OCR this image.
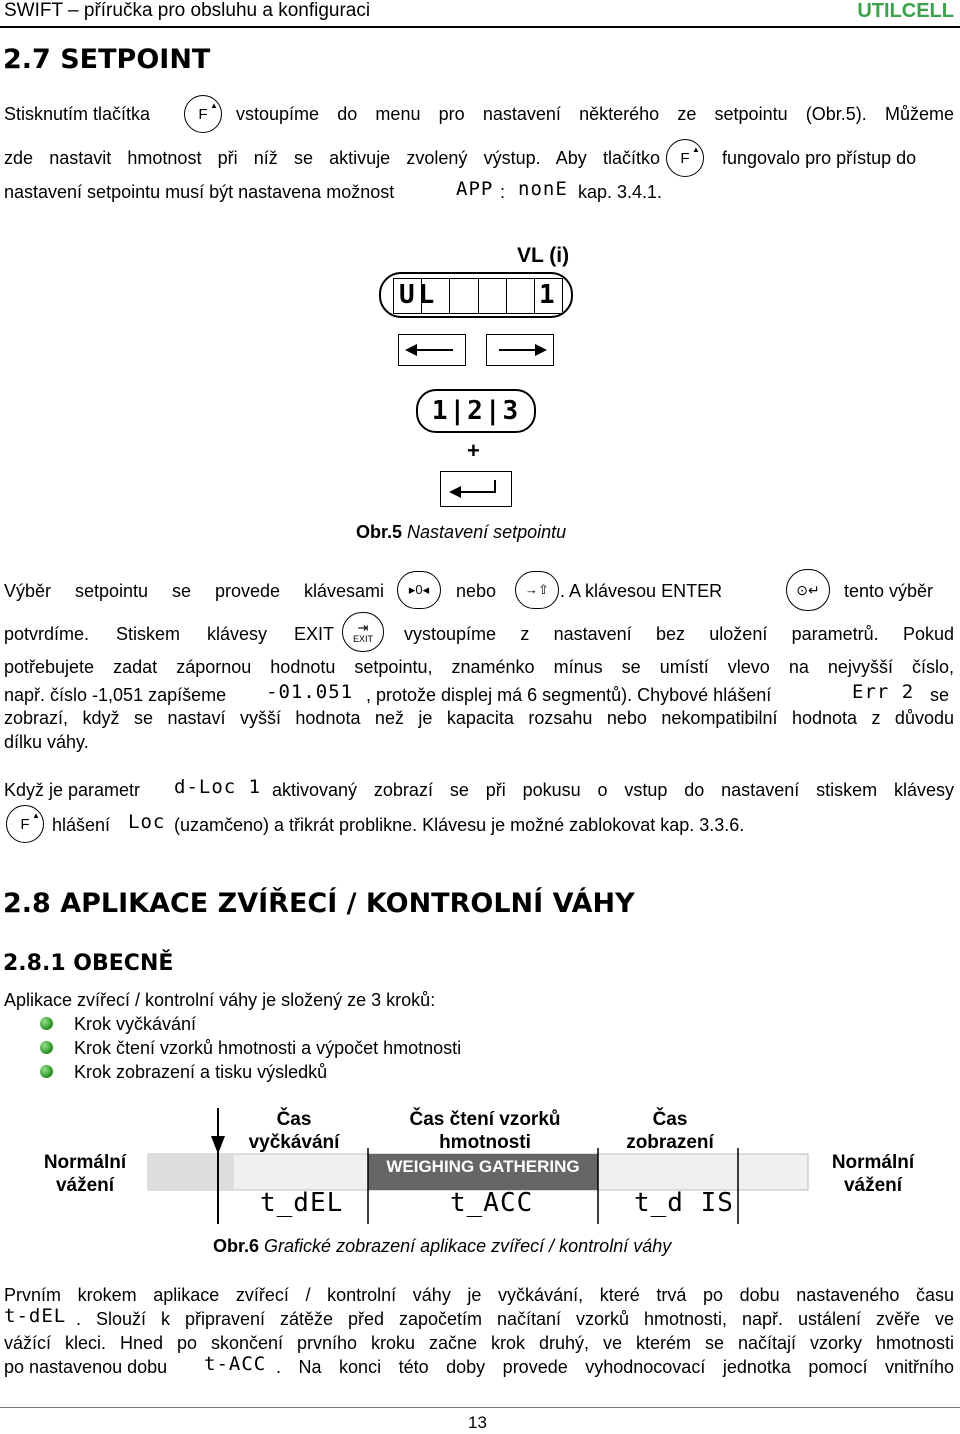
SWIFT – příručka pro obsluhu a konfiguraci	UTILCELL
2.7 SETPOINT
Stisknutím tlačítka	F
▲ vstoupíme do menu pro nastavení některého ze setpointu (Obr.5). Můžeme
zde nastavit hmotnost při níž se aktivuje zvolený výstup. Aby tlačítko F
▲ fungovalo pro přístup do
nastavení setpointu musí být nastavena možnost	APP : nonE kap. 3.4.1.
VL (i)
UL	1
1|2|3
+
Obr.5 Nastavení setpointu
Výběr setpointu se provede klávesami ▸0◂ nebo →⇧ . A klávesou ENTER	⊙↵ tento výběr
potvrdíme. Stiskem klávesy EXIT ⇥
EXIT vystoupíme z nastavení bez uložení parametrů. Pokud
potřebujete zadat zápornou hodnotu setpointu, znaménko mínus se umístí vlevo na nejvyšší číslo,
např. číslo -1,051 zapíšeme -01.051 , protože displej má 6 segmentů). Chybové hlášení	Err 2 se
zobrazí, když se nastaví vyšší hodnota než je kapacita rozsahu nebo nekompatibilní hodnota z důvodu
dílku váhy.
Když je parametr d-Loc 1 aktivovaný zobrazí se při pokusu o vstup do nastavení stiskem klávesy
F
▲ hlášení Loc (uzamčeno) a třikrát problikne. Klávesu je možné zablokovat kap. 3.3.6.
2.8 APLIKACE ZVÍŘECÍ / KONTROLNÍ VÁHY
2.8.1 OBECNĚ
Aplikace zvířecí / kontrolní váhy je složený ze 3 kroků:
Krok vyčkávání
Krok čtení vzorků hmotnosti a výpočet hmotnosti
Krok zobrazení a tisku výsledků
Normální
vážení
Normální
vážení
Čas
vyčkávání
Čas čtení vzorků
hmotnosti
Čas
zobrazení
WEIGHING GATHERING
t_dEL	t_ACC	t_d IS
Obr.6 Grafické zobrazení aplikace zvířecí / kontrolní váhy
Prvním krokem aplikace zvířecí / kontrolní váhy je vyčkávání, které trvá po dobu nastaveného času
t-dEL . Slouží k připravení zátěže před započetím načítaní vzorků hmotnosti, např. ustálení zvěře ve
vážící kleci. Hned po skončení prvního kroku začne krok druhý, ve kterém se načítají vzorky hmotnosti
po nastavenou dobu t-ACC . Na konci této doby provede vyhodnocovací jednotka pomocí vnitřního
13
